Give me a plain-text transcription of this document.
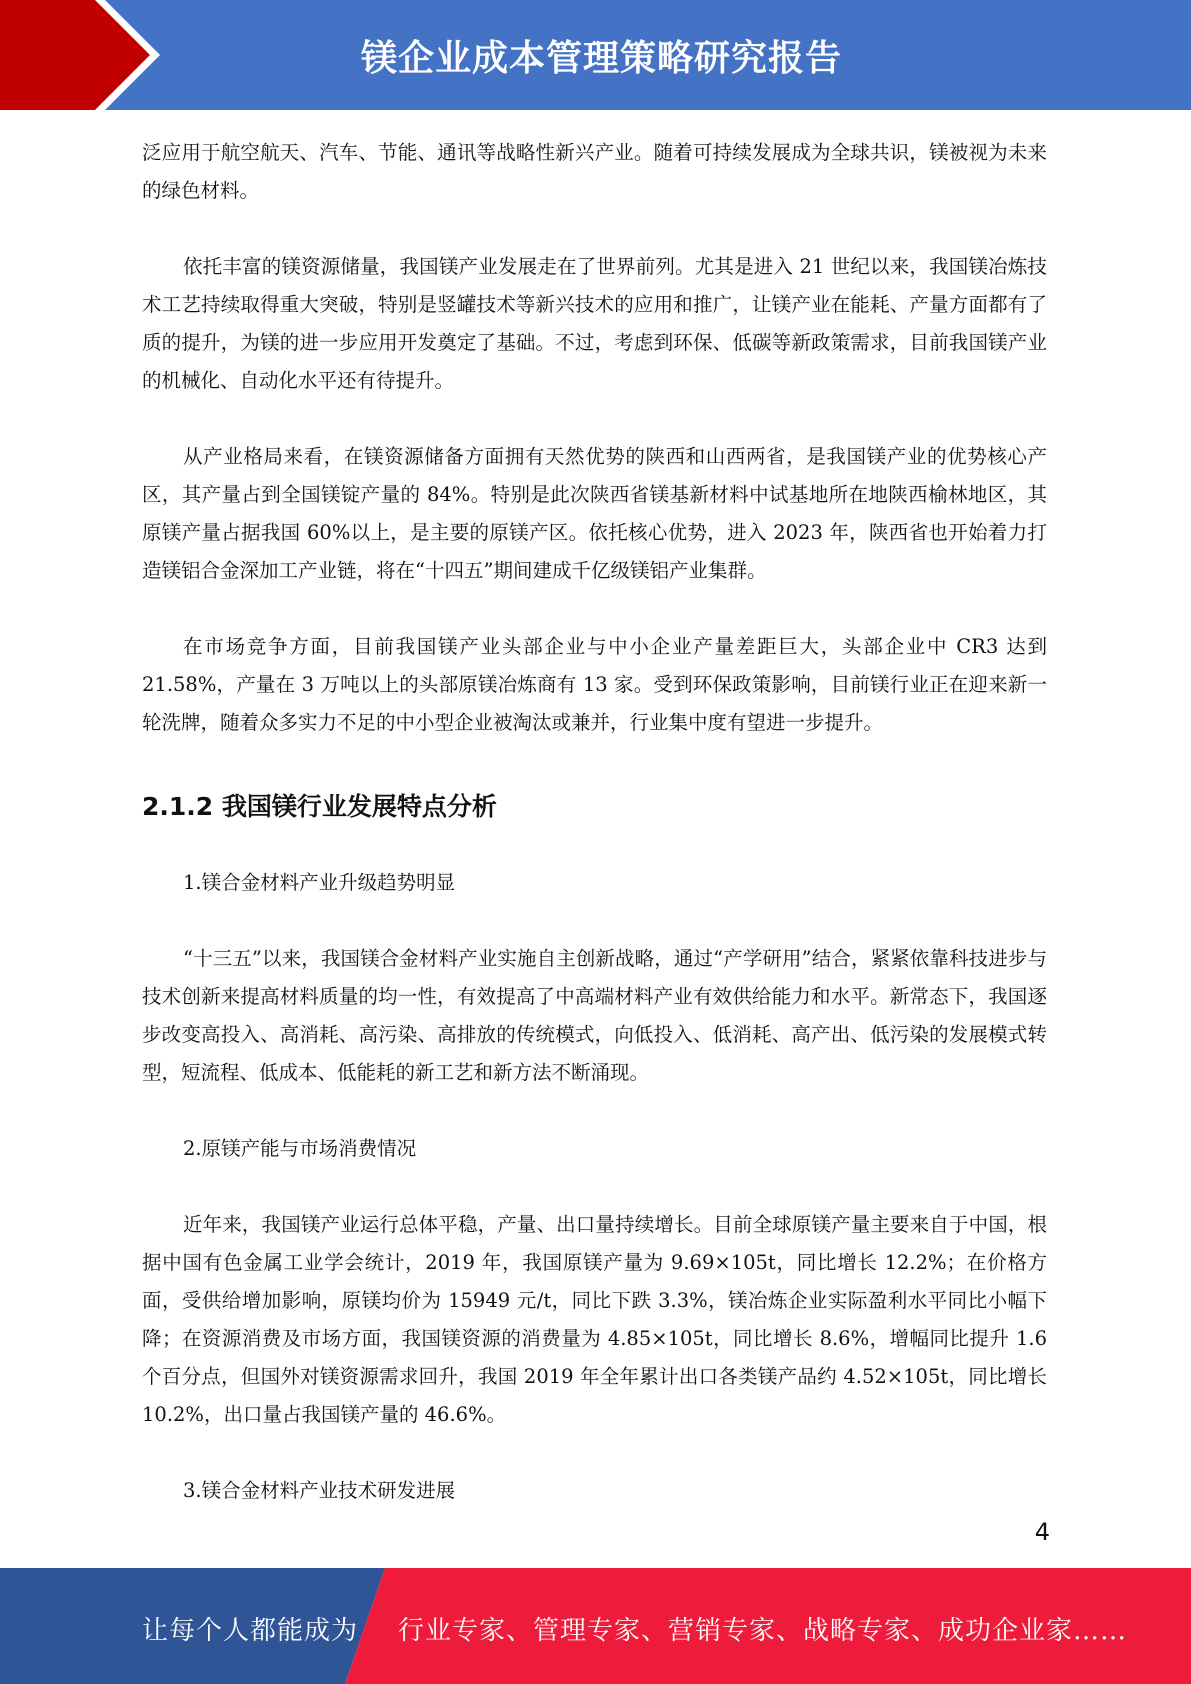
镁企业成本管理策略研究报告

泛应用于航空航天、汽车、节能、通讯等战略性新兴产业。随着可持续发展成为全球共识，镁被视为未来的绿色材料。

依托丰富的镁资源储量，我国镁产业发展走在了世界前列。尤其是进入 21 世纪以来，我国镁冶炼技术工艺持续取得重大突破，特别是竖罐技术等新兴技术的应用和推广，让镁产业在能耗、产量方面都有了质的提升，为镁的进一步应用开发奠定了基础。不过，考虑到环保、低碳等新政策需求，目前我国镁产业的机械化、自动化水平还有待提升。

从产业格局来看，在镁资源储备方面拥有天然优势的陕西和山西两省，是我国镁产业的优势核心产区，其产量占到全国镁锭产量的 84%。特别是此次陕西省镁基新材料中试基地所在地陕西榆林地区，其原镁产量占据我国 60%以上，是主要的原镁产区。依托核心优势，进入 2023 年，陕西省也开始着力打造镁铝合金深加工产业链，将在“十四五”期间建成千亿级镁铝产业集群。

在市场竞争方面，目前我国镁产业头部企业与中小企业产量差距巨大，头部企业中 CR3 达到 21.58%，产量在 3 万吨以上的头部原镁冶炼商有 13 家。受到环保政策影响，目前镁行业正在迎来新一轮洗牌，随着众多实力不足的中小型企业被淘汰或兼并，行业集中度有望进一步提升。

2.1.2 我国镁行业发展特点分析

1.镁合金材料产业升级趋势明显

“十三五”以来，我国镁合金材料产业实施自主创新战略，通过“产学研用”结合，紧紧依靠科技进步与技术创新来提高材料质量的均一性，有效提高了中高端材料产业有效供给能力和水平。新常态下，我国逐步改变高投入、高消耗、高污染、高排放的传统模式，向低投入、低消耗、高产出、低污染的发展模式转型，短流程、低成本、低能耗的新工艺和新方法不断涌现。

2.原镁产能与市场消费情况

近年来，我国镁产业运行总体平稳，产量、出口量持续增长。目前全球原镁产量主要来自于中国，根据中国有色金属工业学会统计，2019 年，我国原镁产量为 9.69×105t，同比增长 12.2%；在价格方面，受供给增加影响，原镁均价为 15949 元/t，同比下跌 3.3%，镁冶炼企业实际盈利水平同比小幅下降；在资源消费及市场方面，我国镁资源的消费量为 4.85×105t，同比增长 8.6%，增幅同比提升 1.6 个百分点，但国外对镁资源需求回升，我国 2019 年全年累计出口各类镁产品约 4.52×105t，同比增长 10.2%，出口量占我国镁产量的 46.6%。

3.镁合金材料产业技术研发进展

4
让每个人都能成为 行业专家、管理专家、营销专家、战略专家、成功企业家……
